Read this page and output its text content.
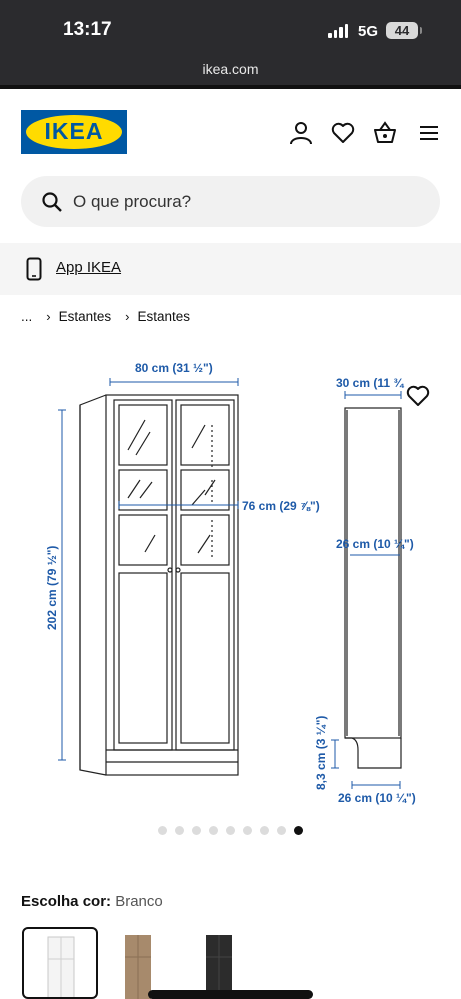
13:17	5G	44
ikea.com
IKEA
O que procura?
App IKEA
... › Estantes › Estantes
80 cm (31 ½")
76 cm (29 ⅞")
30 cm (11 ¾
26 cm (10 ¼")
26 cm (10 ¼")
202 cm (79 ½")
8,3 cm (3 ¼")
Escolha cor: Branco
